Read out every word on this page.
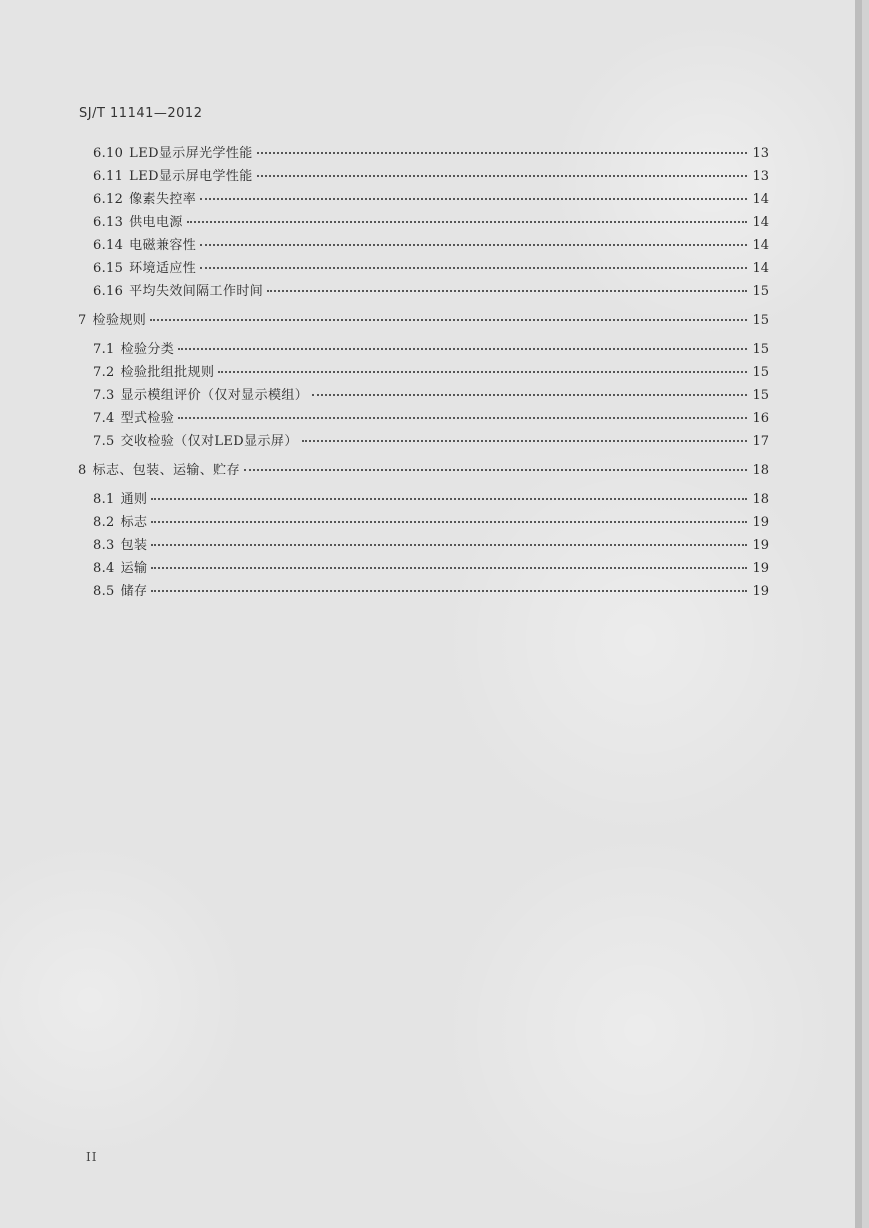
SJ/T 11141—2012
6.10 LED显示屏光学性能	13
6.11 LED显示屏电学性能	13
6.12 像素失控率	14
6.13 供电电源	14
6.14 电磁兼容性	14
6.15 环境适应性	14
6.16 平均失效间隔工作时间	15
7 检验规则	15
7.1 检验分类	15
7.2 检验批组批规则	15
7.3 显示模组评价（仅对显示模组）	15
7.4 型式检验	16
7.5 交收检验（仅对LED显示屏）	17
8 标志、包装、运输、贮存	18
8.1 通则	18
8.2 标志	19
8.3 包装	19
8.4 运输	19
8.5 储存	19
II
